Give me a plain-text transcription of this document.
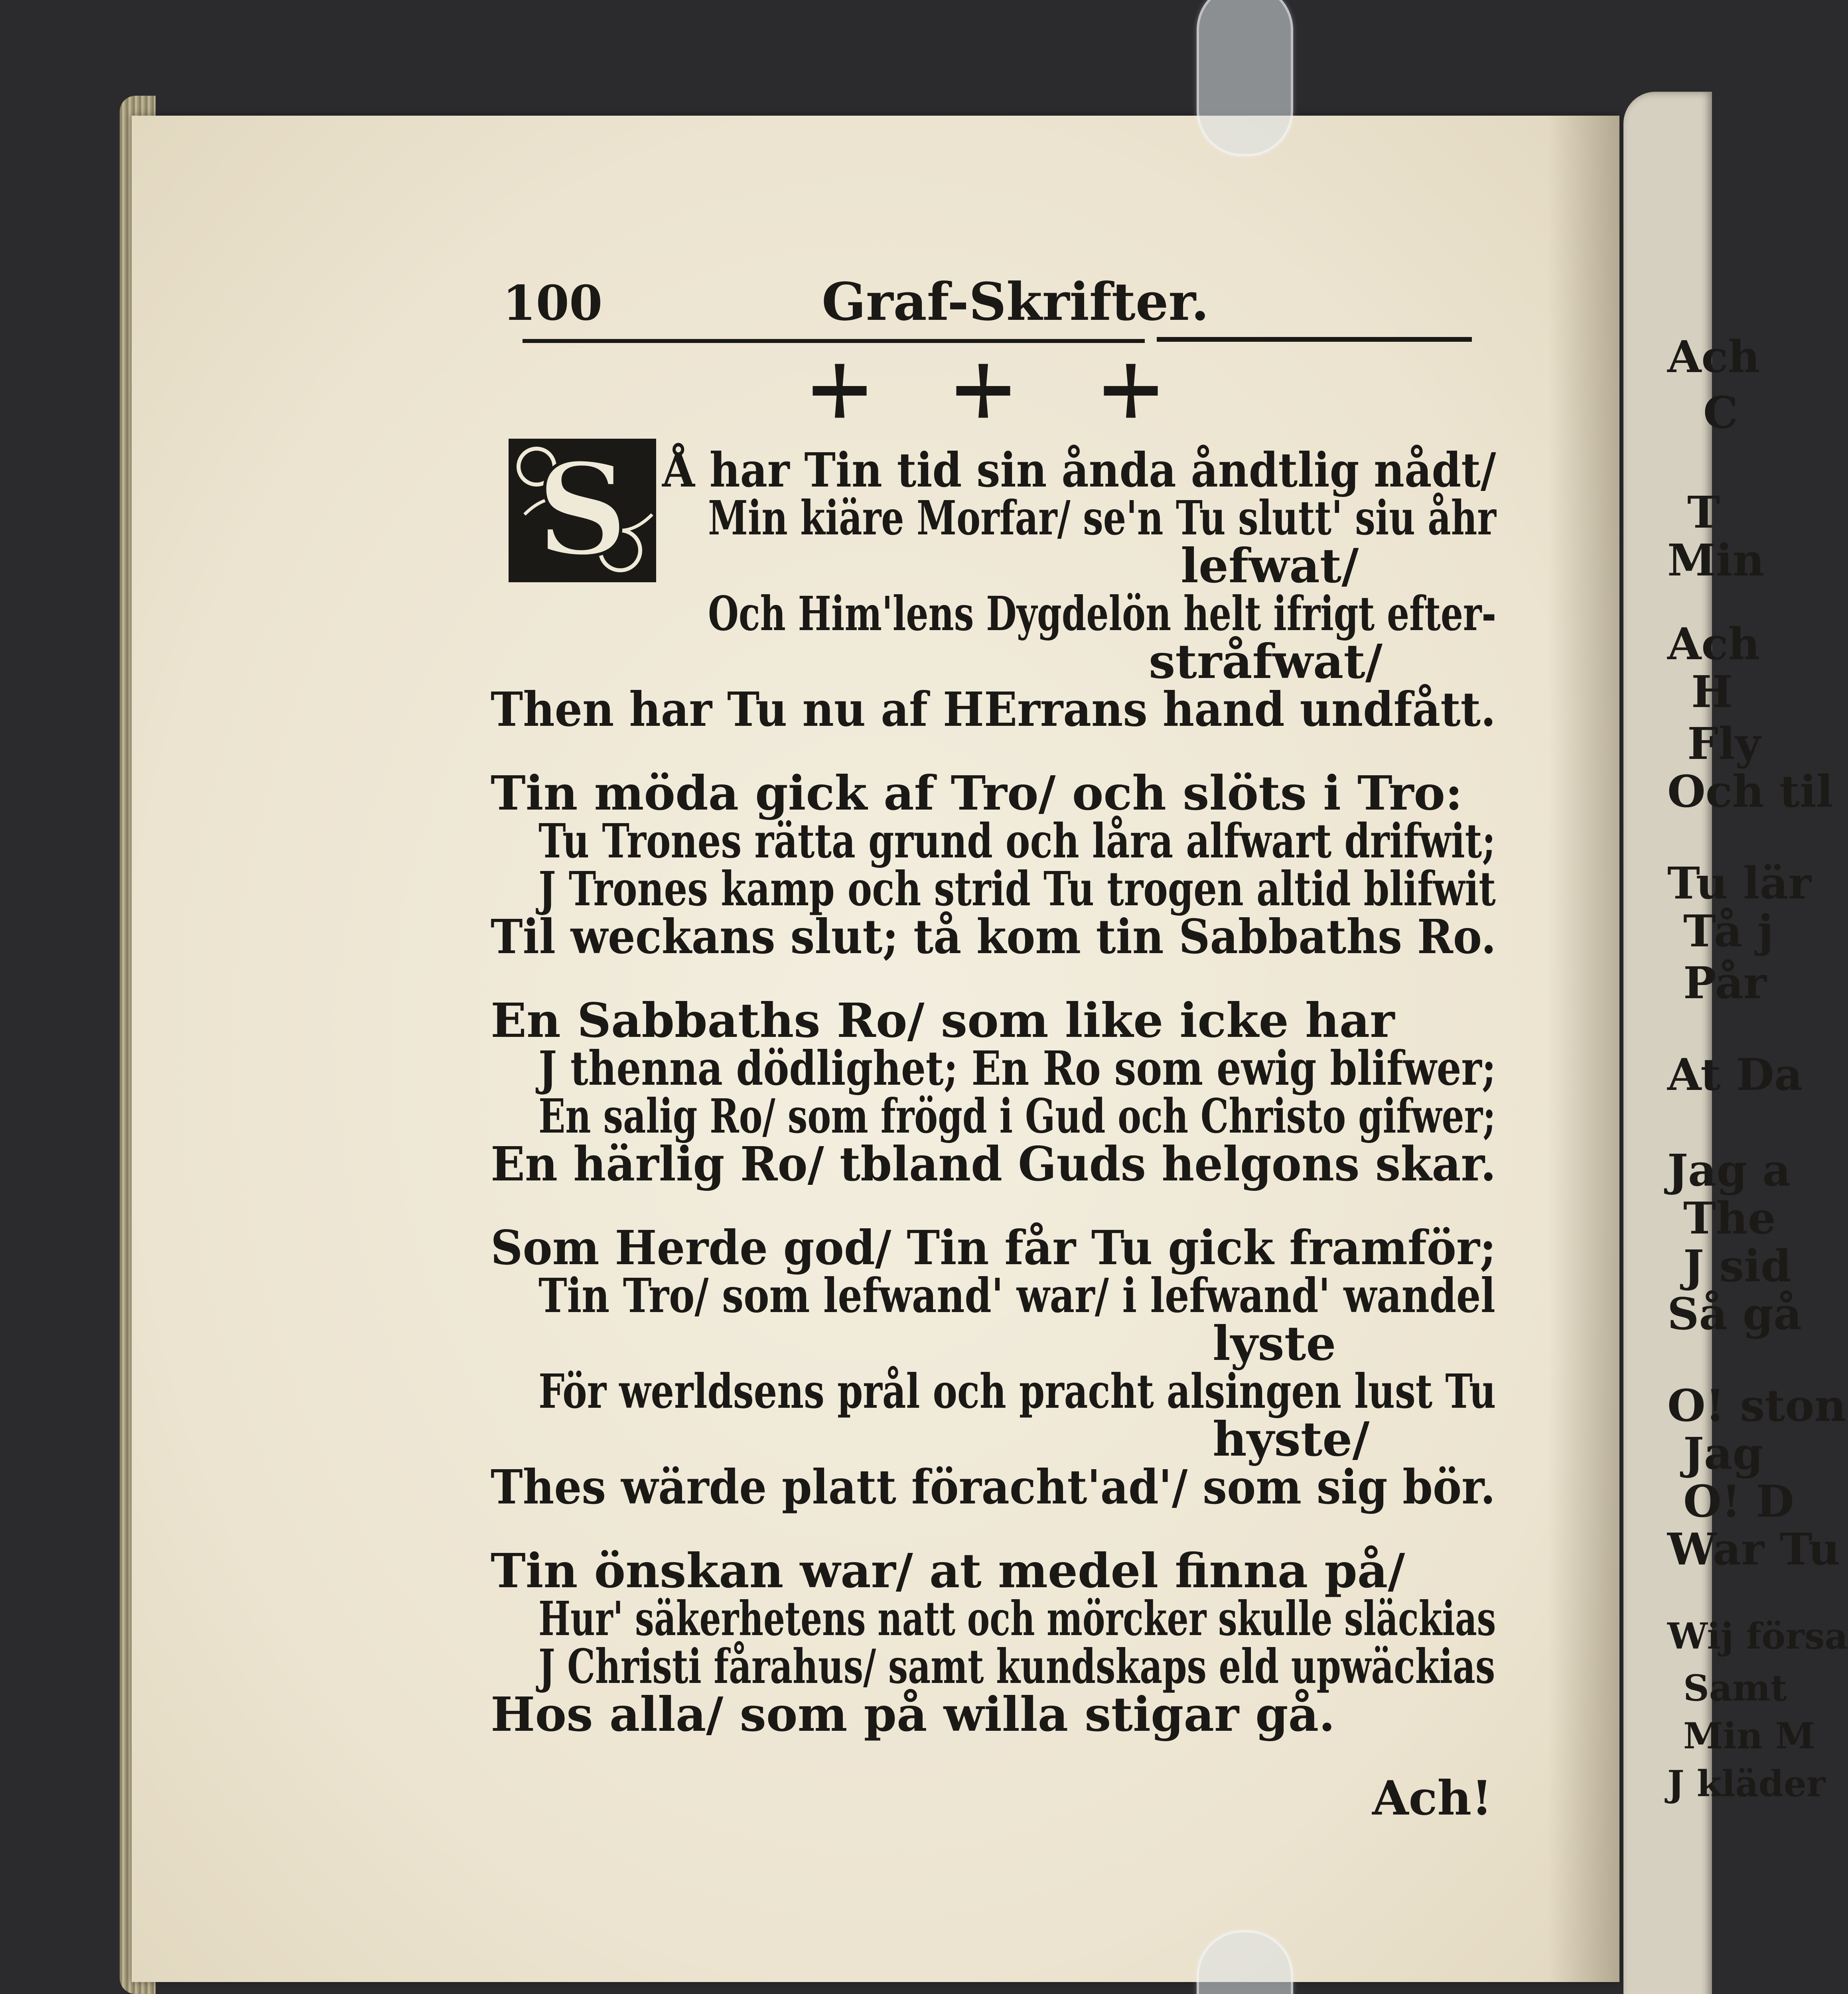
Ach
C
T
Min
Ach
H
Fly
Och til
Tu lär
Tå j
Pår
At Da
Jag a
The
J sid
Så gå
O! ston
Jag
O! D
War Tu
Wij försa
Samt
Min M
J kläder
100	Graf-Skrifter.
S Å har Tin tid sin ånda åndtlig nådt/
Min kiäre Morfar/ se'n Tu slutt' siu åhr
lefwat/
Och Him'lens Dygdelön helt ifrigt efter-
stråfwat/
Then har Tu nu af HErrans hand undfått.
Tin möda gick af Tro/ och slöts i Tro:
Tu Trones rätta grund och låra alfwart drifwit;
J Trones kamp och strid Tu trogen altid blifwit
Til weckans slut; tå kom tin Sabbaths Ro.
En Sabbaths Ro/ som like icke har
J thenna dödlighet; En Ro som ewig blifwer;
En salig Ro/ som frögd i Gud och Christo gifwer;
En härlig Ro/ tbland Guds helgons skar.
Som Herde god/ Tin får Tu gick framför;
Tin Tro/ som lefwand' war/ i lefwand' wandel
lyste
För werldsens prål och pracht alsingen lust Tu
hyste/
Thes wärde platt föracht'ad'/ som sig bör.
Tin önskan war/ at medel finna på/
Hur' säkerhetens natt och mörcker skulle släckias
J Christi fårahus/ samt kundskaps eld upwäckias
Hos alla/ som på willa stigar gå.
Ach!
